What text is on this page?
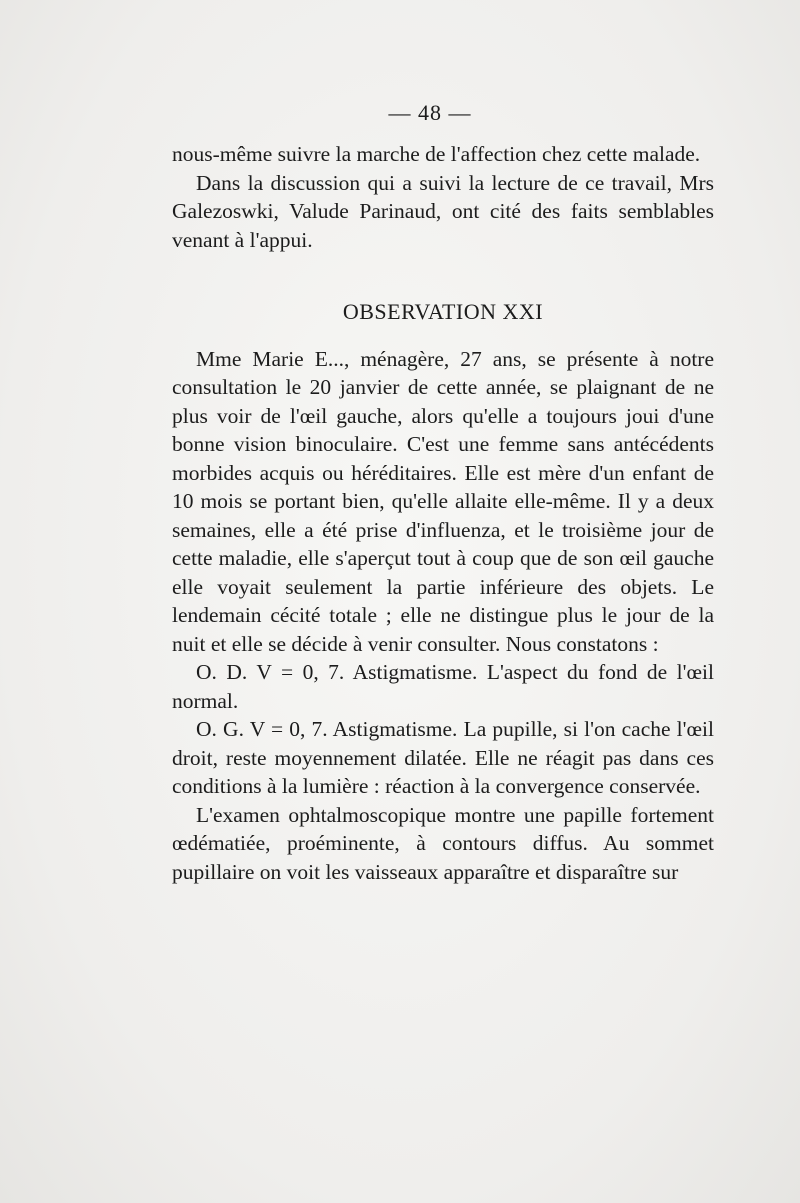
— 48 —

nous-même suivre la marche de l'affection chez cette malade.

Dans la discussion qui a suivi la lecture de ce travail, Mrs Galezoswki, Valude Parinaud, ont cité des faits semblables venant à l'appui.

OBSERVATION XXI

Mme Marie E..., ménagère, 27 ans, se présente à notre consultation le 20 janvier de cette année, se plaignant de ne plus voir de l'œil gauche, alors qu'elle a toujours joui d'une bonne vision binoculaire. C'est une femme sans antécédents morbides acquis ou héréditaires. Elle est mère d'un enfant de 10 mois se portant bien, qu'elle allaite elle-même. Il y a deux semaines, elle a été prise d'influenza, et le troisième jour de cette maladie, elle s'aperçut tout à coup que de son œil gauche elle voyait seulement la partie inférieure des objets. Le lendemain cécité totale ; elle ne distingue plus le jour de la nuit et elle se décide à venir consulter. Nous constatons :

O. D. V = 0, 7. Astigmatisme. L'aspect du fond de l'œil normal.

O. G. V = 0, 7. Astigmatisme. La pupille, si l'on cache l'œil droit, reste moyennement dilatée. Elle ne réagit pas dans ces conditions à la lumière : réaction à la convergence conservée.

L'examen ophtalmoscopique montre une papille fortement œdématiée, proéminente, à contours diffus. Au sommet pupillaire on voit les vaisseaux apparaître et disparaître sur
